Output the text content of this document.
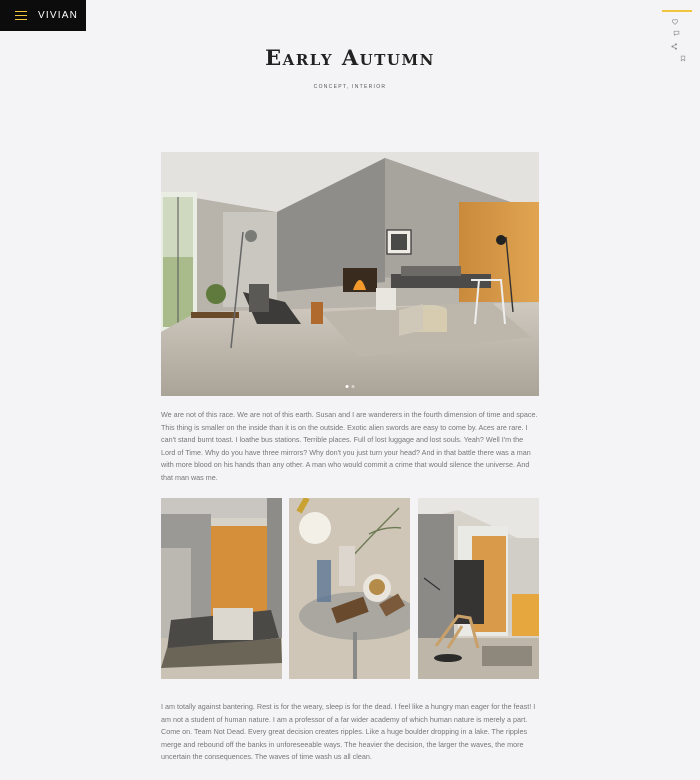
VIVIAN
Early Autumn
CONCEPT, INTERIOR

We are not of this race. We are not of this earth. Susan and I are wanderers in the fourth dimension of time and space. This thing is smaller on the inside than it is on the outside. Exotic alien swords are easy to come by. Aces are rare. I can't stand burnt toast. I loathe bus stations. Terrible places. Full of lost luggage and lost souls. Yeah? Well I'm the Lord of Time. Why do you have three mirrors? Why don't you just turn your head? And in that battle there was a man with more blood on his hands than any other. A man who would commit a crime that would silence the universe. And that man was me.

I am totally against bantering. Rest is for the weary, sleep is for the dead. I feel like a hungry man eager for the feast! I am not a student of human nature. I am a professor of a far wider academy of which human nature is merely a part. Come on. Team Not Dead. Every great decision creates ripples. Like a huge boulder dropping in a lake. The ripples merge and rebound off the banks in unforeseeable ways. The heavier the decision, the larger the waves, the more uncertain the consequences. The waves of time wash us all clean.
